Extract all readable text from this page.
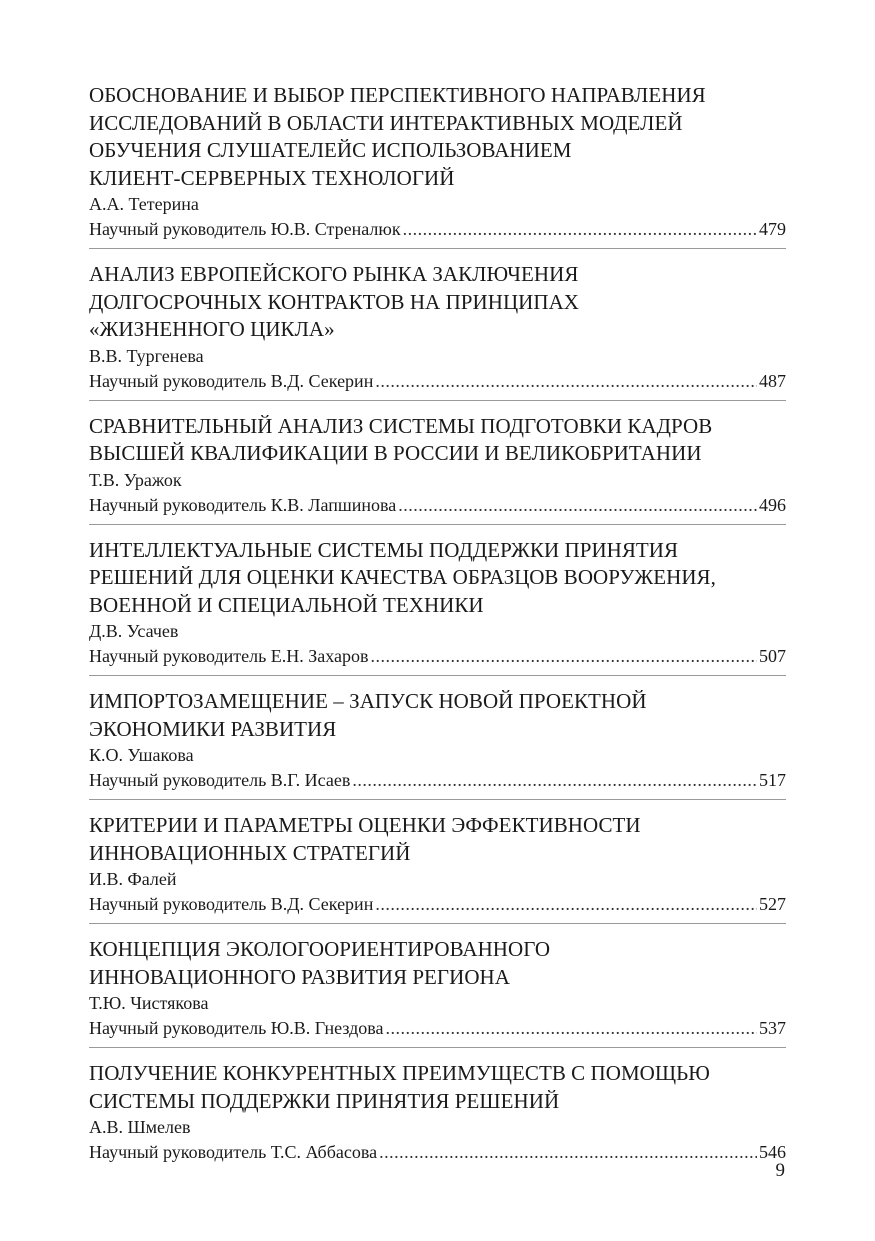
ОБОСНОВАНИЕ И ВЫБОР ПЕРСПЕКТИВНОГО НАПРАВЛЕНИЯ
ИССЛЕДОВАНИЙ В ОБЛАСТИ ИНТЕРАКТИВНЫХ МОДЕЛЕЙ
ОБУЧЕНИЯ СЛУШАТЕЛЕЙС ИСПОЛЬЗОВАНИЕМ
КЛИЕНТ-СЕРВЕРНЫХ ТЕХНОЛОГИЙ
А.А. Тетерина
Научный руководитель Ю.В. Стреналюк .....	479
АНАЛИЗ ЕВРОПЕЙСКОГО РЫНКА ЗАКЛЮЧЕНИЯ
ДОЛГОСРОЧНЫХ КОНТРАКТОВ НА ПРИНЦИПАХ
«ЖИЗНЕННОГО ЦИКЛА»
В.В. Тургенева
Научный руководитель В.Д. Секерин .....	487
СРАВНИТЕЛЬНЫЙ АНАЛИЗ СИСТЕМЫ ПОДГОТОВКИ КАДРОВ
ВЫСШЕЙ КВАЛИФИКАЦИИ В РОССИИ И ВЕЛИКОБРИТАНИИ
Т.В. Уражок
Научный руководитель К.В. Лапшинова .....	496
ИНТЕЛЛЕКТУАЛЬНЫЕ СИСТЕМЫ ПОДДЕРЖКИ ПРИНЯТИЯ
РЕШЕНИЙ ДЛЯ ОЦЕНКИ КАЧЕСТВА ОБРАЗЦОВ ВООРУЖЕНИЯ,
ВОЕННОЙ И СПЕЦИАЛЬНОЙ ТЕХНИКИ
Д.В. Усачев
Научный руководитель Е.Н. Захаров .....	507
ИМПОРТОЗАМЕЩЕНИЕ – ЗАПУСК НОВОЙ ПРОЕКТНОЙ
ЭКОНОМИКИ РАЗВИТИЯ
К.О. Ушакова
Научный руководитель В.Г. Исаев .....	517
КРИТЕРИИ И ПАРАМЕТРЫ ОЦЕНКИ ЭФФЕКТИВНОСТИ
ИННОВАЦИОННЫХ СТРАТЕГИЙ
И.В. Фалей
Научный руководитель В.Д. Секерин .....	527
КОНЦЕПЦИЯ ЭКОЛОГООРИЕНТИРОВАННОГО
ИННОВАЦИОННОГО РАЗВИТИЯ РЕГИОНА
Т.Ю. Чистякова
Научный руководитель Ю.В. Гнездова .....	537
ПОЛУЧЕНИЕ КОНКУРЕНТНЫХ ПРЕИМУЩЕСТВ С ПОМОЩЬЮ
СИСТЕМЫ ПОДДЕРЖКИ ПРИНЯТИЯ РЕШЕНИЙ
А.В. Шмелев
Научный руководитель Т.С. Аббасова .....	546
9
